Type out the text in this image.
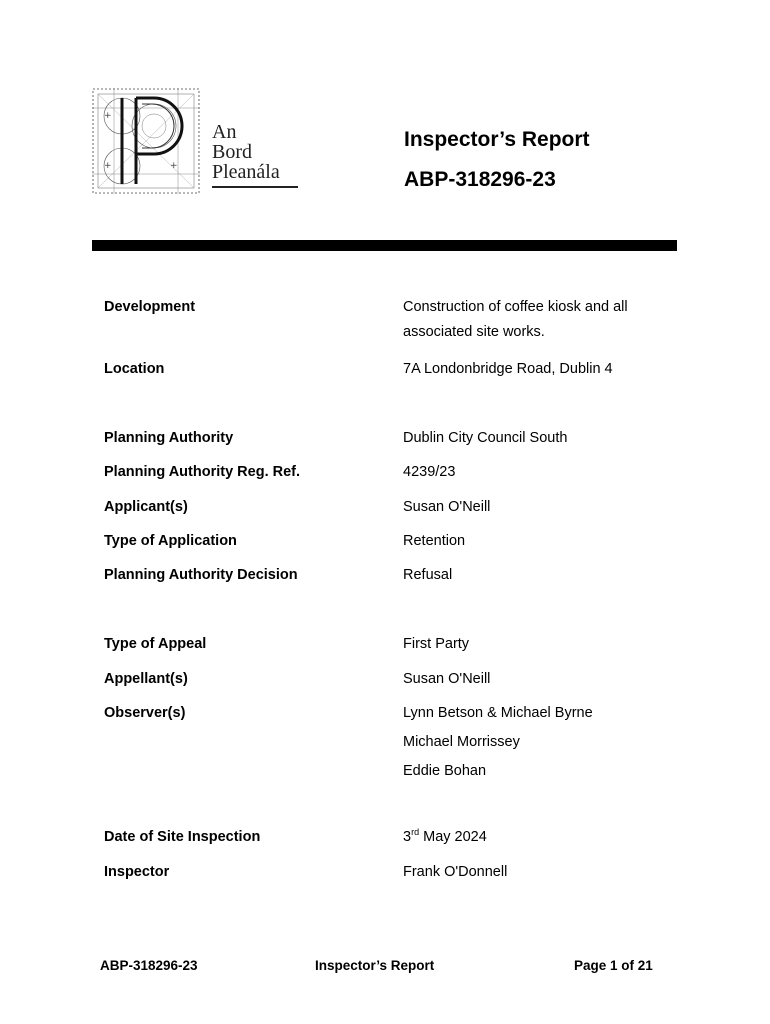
+
+	+
An
Bord
Pleanála
Inspector’s Report
ABP-318296-23
Development	Construction of coffee kiosk and all
associated site works.
Location	7A Londonbridge Road, Dublin 4
Planning Authority	Dublin City Council South
Planning Authority Reg. Ref.	4239/23
Applicant(s)	Susan O'Neill
Type of Application	Retention
Planning Authority Decision	Refusal
Type of Appeal	First Party
Appellant(s)	Susan O'Neill
Observer(s)	Lynn Betson & Michael Byrne
Michael Morrissey
Eddie Bohan
Date of Site Inspection	3rd May 2024
Inspector	Frank O'Donnell
ABP-318296-23	Inspector’s Report	Page 1 of 21
